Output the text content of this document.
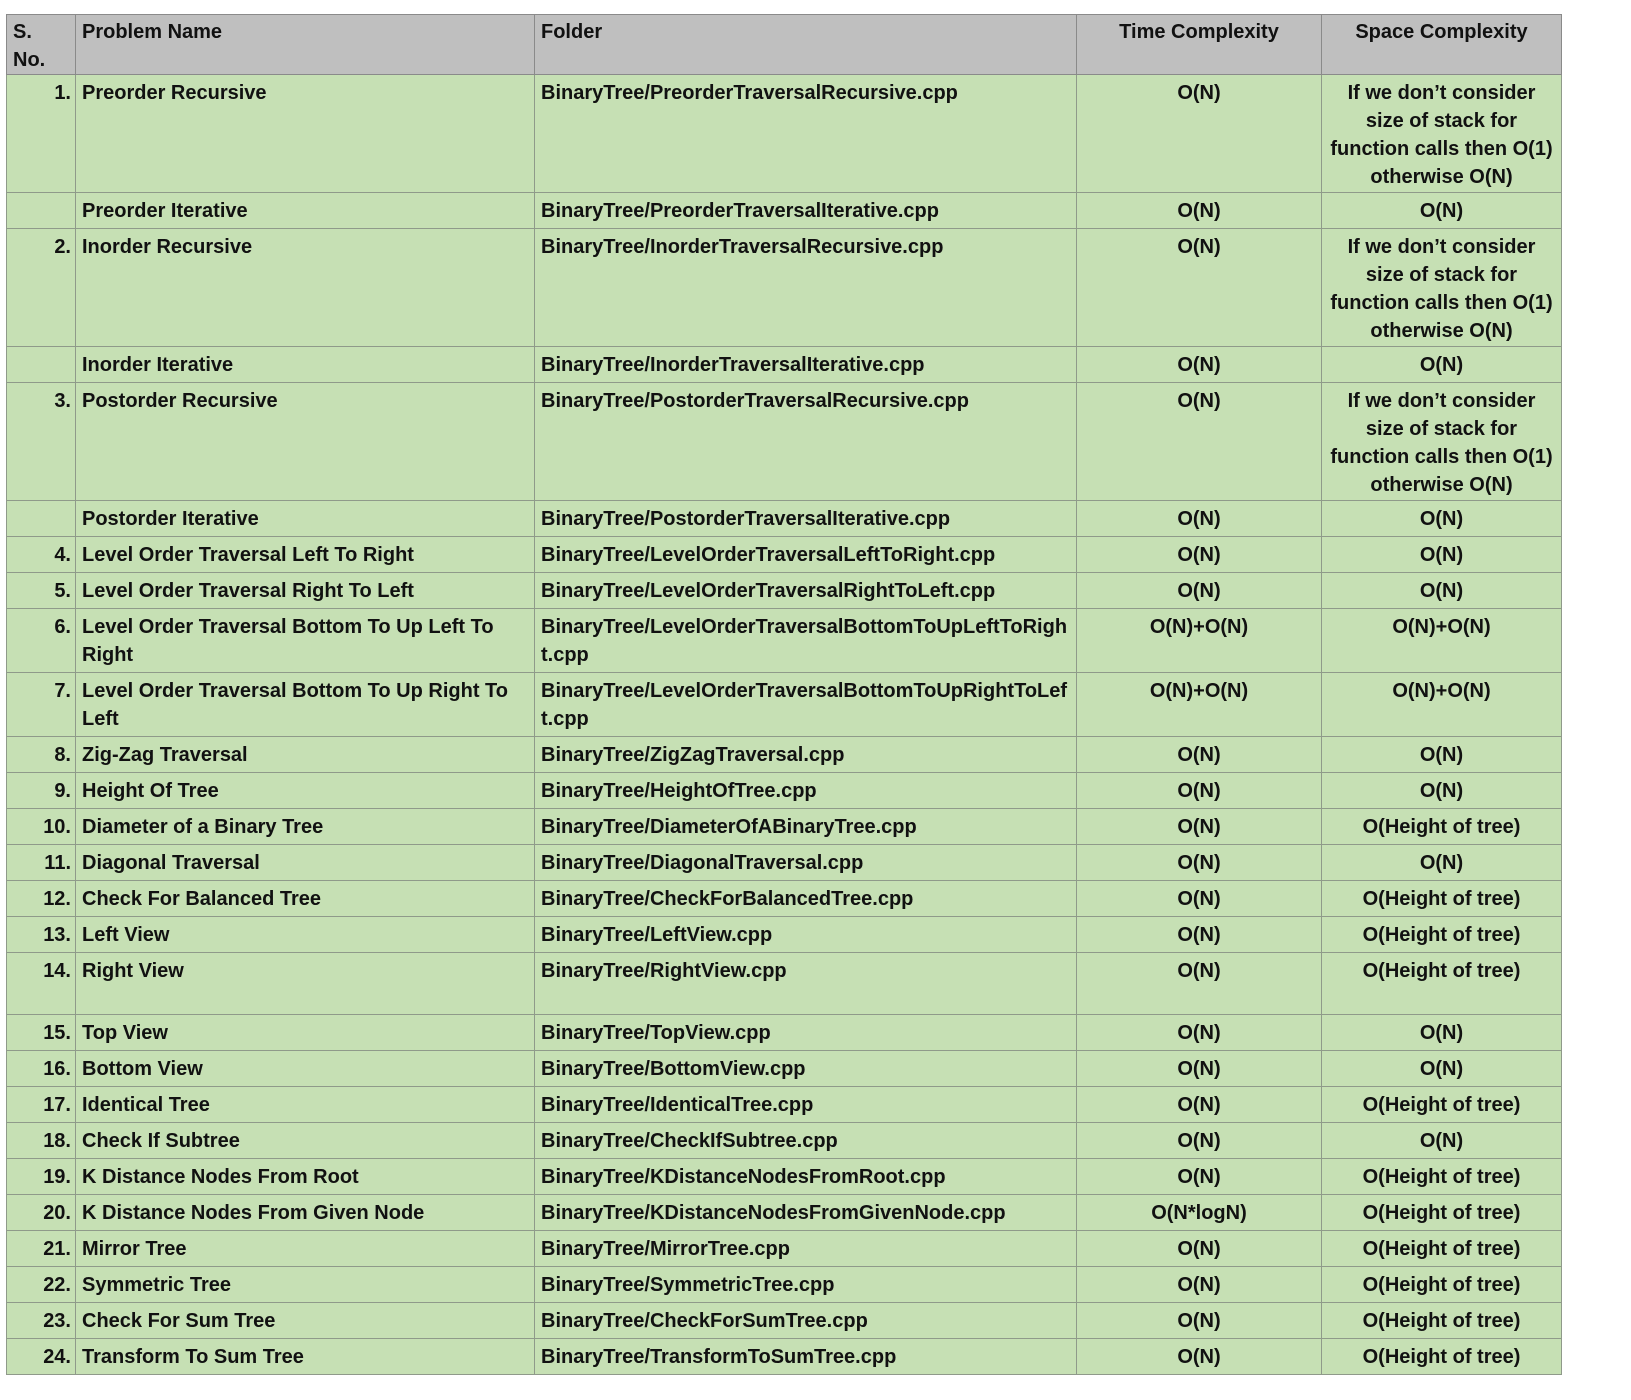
S. No.	Problem Name	Folder	Time Complexity	Space Complexity
1.	Preorder Recursive	BinaryTree/PreorderTraversalRecursive.cpp	O(N)	If we don’t consider size of stack for function calls then O(1) otherwise O(N)
	Preorder Iterative	BinaryTree/PreorderTraversalIterative.cpp	O(N)	O(N)
2.	Inorder Recursive	BinaryTree/InorderTraversalRecursive.cpp	O(N)	If we don’t consider size of stack for function calls then O(1) otherwise O(N)
	Inorder Iterative	BinaryTree/InorderTraversalIterative.cpp	O(N)	O(N)
3.	Postorder Recursive	BinaryTree/PostorderTraversalRecursive.cpp	O(N)	If we don’t consider size of stack for function calls then O(1) otherwise O(N)
	Postorder Iterative	BinaryTree/PostorderTraversalIterative.cpp	O(N)	O(N)
4.	Level Order Traversal Left To Right	BinaryTree/LevelOrderTraversalLeftToRight.cpp	O(N)	O(N)
5.	Level Order Traversal Right To Left	BinaryTree/LevelOrderTraversalRightToLeft.cpp	O(N)	O(N)
6.	Level Order Traversal Bottom To Up Left To Right	BinaryTree/LevelOrderTraversalBottomToUpLeftToRight.cpp	O(N)+O(N)	O(N)+O(N)
7.	Level Order Traversal Bottom To Up Right To Left	BinaryTree/LevelOrderTraversalBottomToUpRightToLeft.cpp	O(N)+O(N)	O(N)+O(N)
8.	Zig-Zag Traversal	BinaryTree/ZigZagTraversal.cpp	O(N)	O(N)
9.	Height Of Tree	BinaryTree/HeightOfTree.cpp	O(N)	O(N)
10.	Diameter of a Binary Tree	BinaryTree/DiameterOfABinaryTree.cpp	O(N)	O(Height of tree)
11.	Diagonal Traversal	BinaryTree/DiagonalTraversal.cpp	O(N)	O(N)
12.	Check For Balanced Tree	BinaryTree/CheckForBalancedTree.cpp	O(N)	O(Height of tree)
13.	Left View	BinaryTree/LeftView.cpp	O(N)	O(Height of tree)
14.	Right View	BinaryTree/RightView.cpp	O(N)	O(Height of tree)
15.	Top View	BinaryTree/TopView.cpp	O(N)	O(N)
16.	Bottom View	BinaryTree/BottomView.cpp	O(N)	O(N)
17.	Identical Tree	BinaryTree/IdenticalTree.cpp	O(N)	O(Height of tree)
18.	Check If Subtree	BinaryTree/CheckIfSubtree.cpp	O(N)	O(N)
19.	K Distance Nodes From Root	BinaryTree/KDistanceNodesFromRoot.cpp	O(N)	O(Height of tree)
20.	K Distance Nodes From Given Node	BinaryTree/KDistanceNodesFromGivenNode.cpp	O(N*logN)	O(Height of tree)
21.	Mirror Tree	BinaryTree/MirrorTree.cpp	O(N)	O(Height of tree)
22.	Symmetric Tree	BinaryTree/SymmetricTree.cpp	O(N)	O(Height of tree)
23.	Check For Sum Tree	BinaryTree/CheckForSumTree.cpp	O(N)	O(Height of tree)
24.	Transform To Sum Tree	BinaryTree/TransformToSumTree.cpp	O(N)	O(Height of tree)
